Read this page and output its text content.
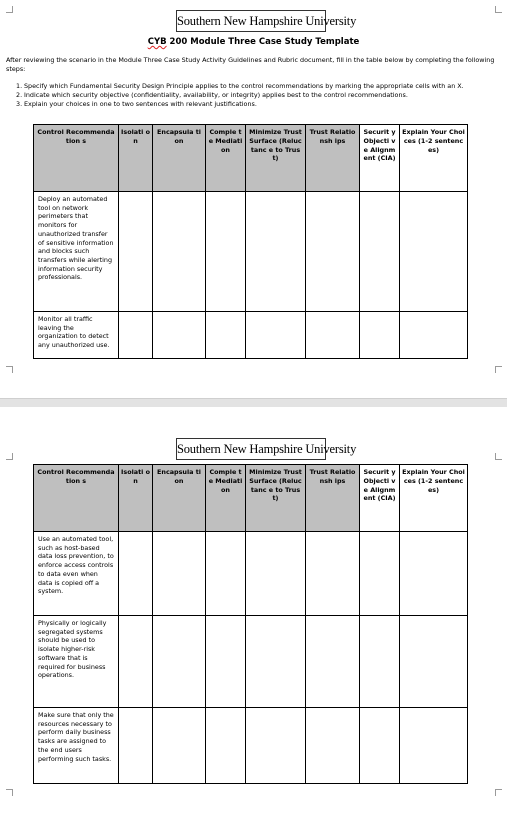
Southern New Hampshire University
CYB 200 Module Three Case Study Template
After reviewing the scenario in the Module Three Case Study Activity Guidelines and Rubric document, fill in the table below by completing the following steps:
1. Specify which Fundamental Security Design Principle applies to the control recommendations by marking the appropriate cells with an X.
2. Indicate which security objective (confidentiality, availability, or integrity) applies best to the control recommendations.
3. Explain your choices in one to two sentences with relevant justifications.
Control Recommendation s	Isolati on	Encapsula tion	Comple te Mediati on	Minimize Trust Surface (Reluctanc e to Trust)	Trust Relationsh ips	Securit y Objecti ve Alignm ent (CIA)	Explain Your Choices (1-2 sentences)
Deploy an automated tool on network perimeters that monitors for unauthorized transfer of sensitive information and blocks such transfers while alerting information security professionals.							
Monitor all traffic leaving the organization to detect any unauthorized use.							
Southern New Hampshire University
Control Recommendation s	Isolati on	Encapsula tion	Comple te Mediati on	Minimize Trust Surface (Reluctanc e to Trust)	Trust Relationsh ips	Securit y Objecti ve Alignm ent (CIA)	Explain Your Choices (1-2 sentences)
Use an automated tool, such as host-based data loss prevention, to enforce access controls to data even when data is copied off a system.							
Physically or logically segregated systems should be used to isolate higher-risk software that is required for business operations.							
Make sure that only the resources necessary to perform daily business tasks are assigned to the end users performing such tasks.							
